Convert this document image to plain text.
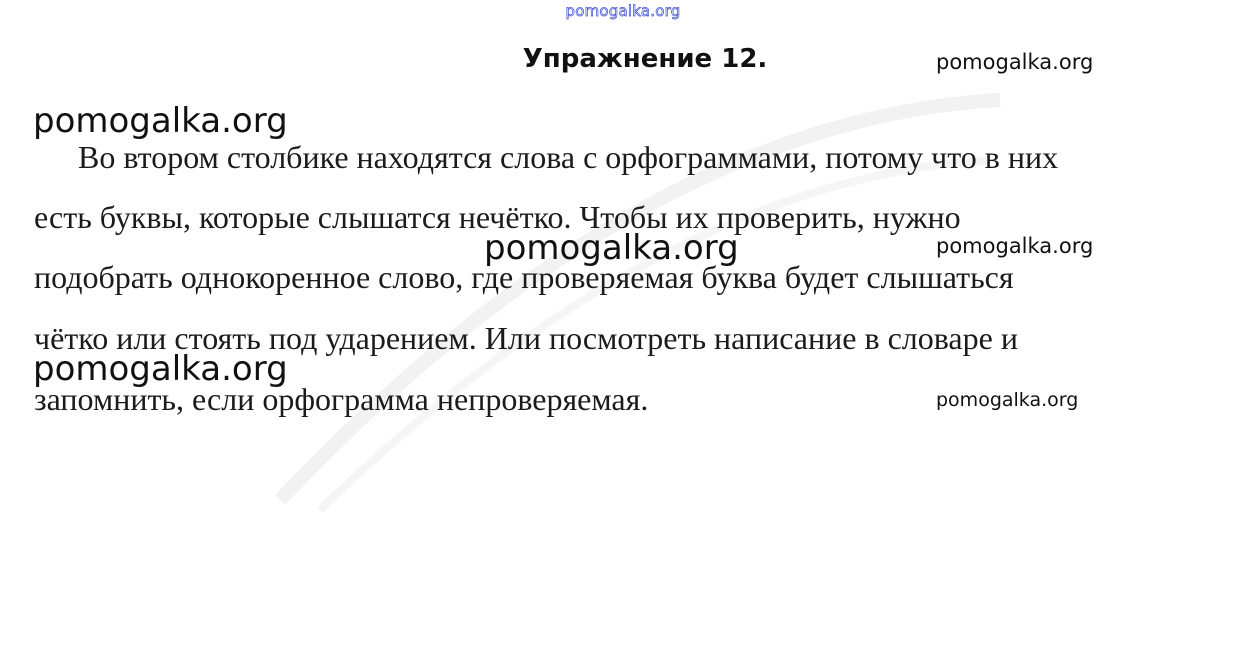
pomogalka.org
Упражнение 12.	pomogalka.org
pomogalka.org
Во втором столбике находятся слова с орфограммами, потому что в них
есть буквы, которые слышатся нечётко. Чтобы их проверить, нужно
pomogalka.org	pomogalka.org
подобрать однокоренное слово, где проверяемая буква будет слышаться
чётко или стоять под ударением. Или посмотреть написание в словаре и
pomogalka.org
запомнить, если орфограмма непроверяемая.	pomogalka.org
